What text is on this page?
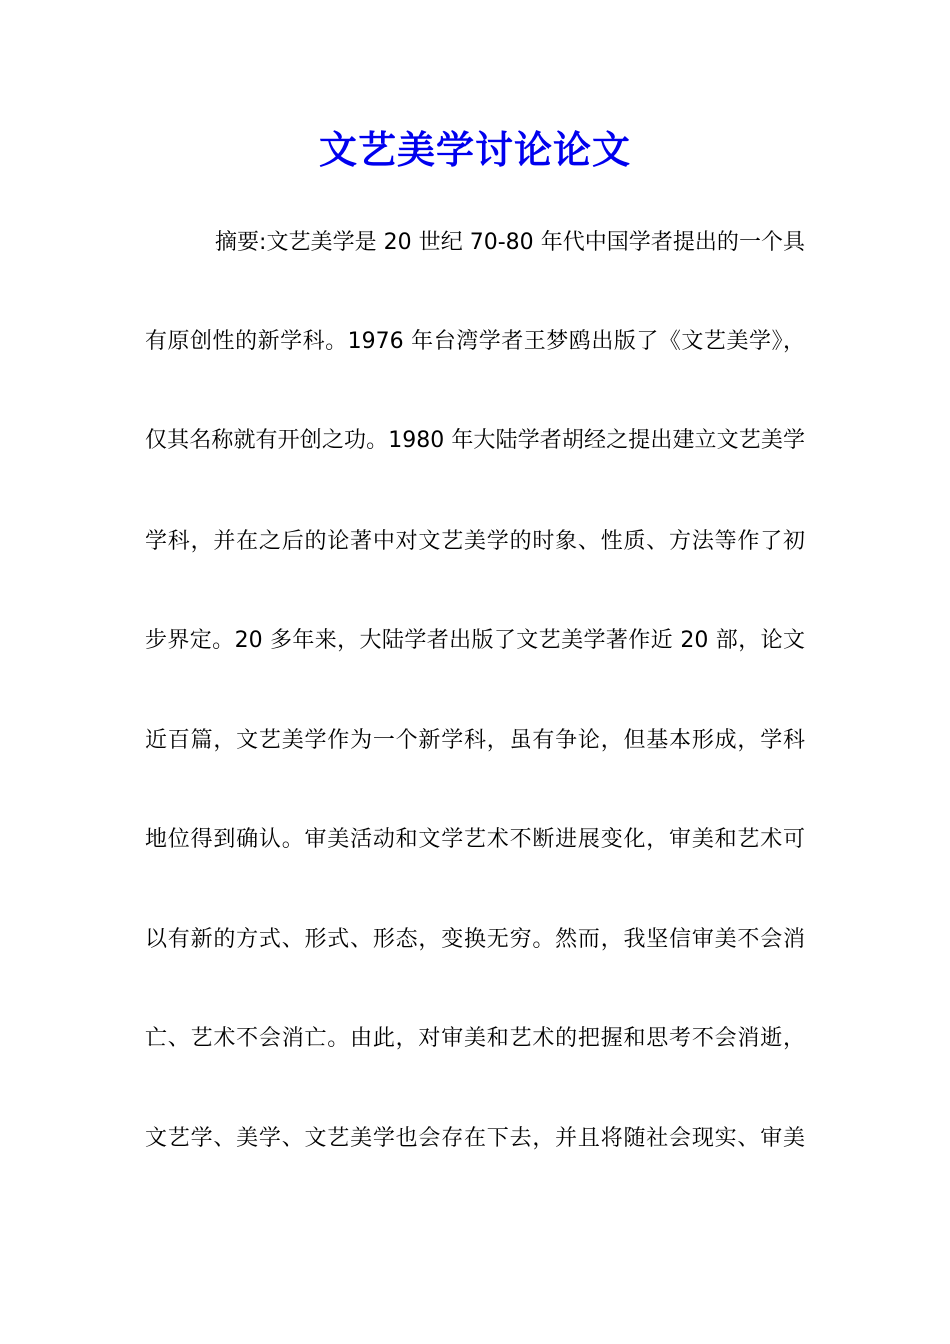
文艺美学讨论论文

摘要:文艺美学是 20 世纪 70-80 年代中国学者提出的一个具

有原创性的新学科。1976 年台湾学者王梦鸥出版了《文艺美学》，

仅其名称就有开创之功。1980 年大陆学者胡经之提出建立文艺美学

学科，并在之后的论著中对文艺美学的时象、性质、方法等作了初

步界定。20 多年来，大陆学者出版了文艺美学著作近 20 部，论文

近百篇，文艺美学作为一个新学科，虽有争论，但基本形成，学科

地位得到确认。审美活动和文学艺术不断进展变化，审美和艺术可

以有新的方式、形式、形态，变换无穷。然而，我坚信审美不会消

亡、艺术不会消亡。由此，对审美和艺术的把握和思考不会消逝，

文艺学、美学、文艺美学也会存在下去，并且将随社会现实、审美
